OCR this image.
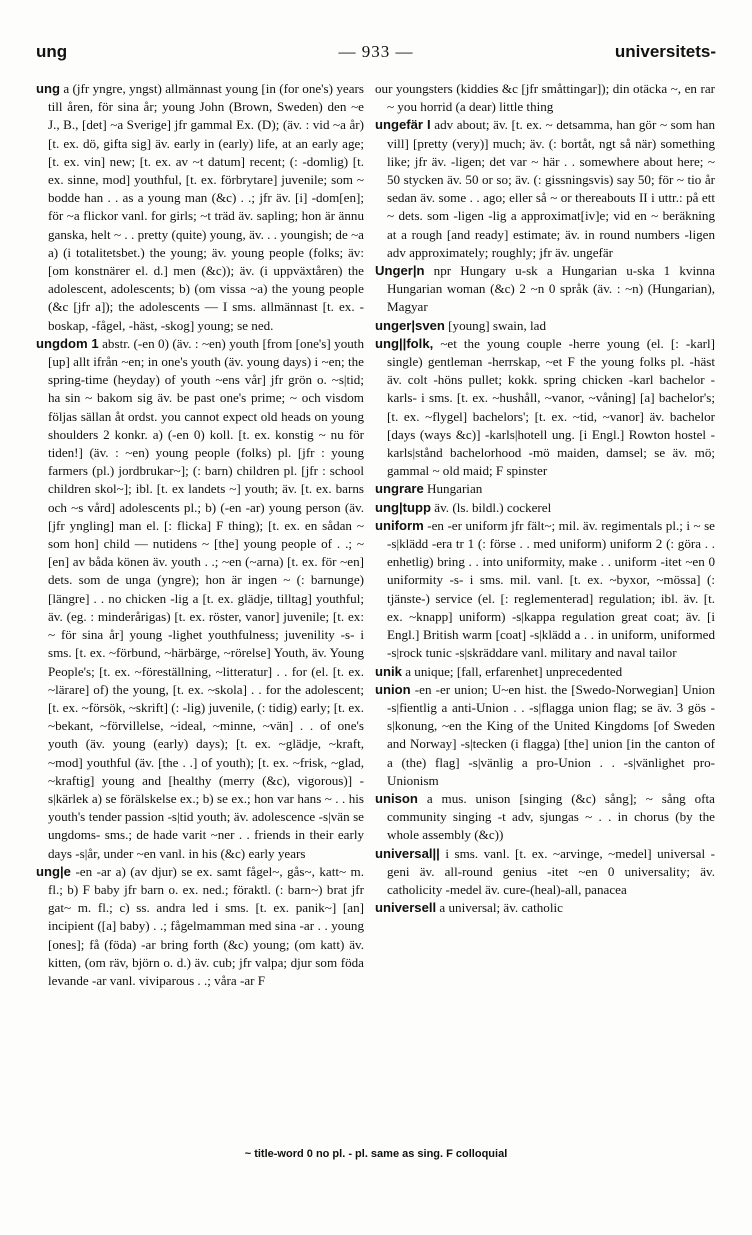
ung	— 933 —	universitets-

ung a (jfr yngre, yngst) allmännast young [in (for one's) years till åren, för sina år; young John (Brown, Sweden) den ~e J., B., [det] ~a Sverige] jfr gammal Ex. (D); (äv. : vid ~a år) [t. ex. dö, gifta sig] äv. early in (early) life, at an early age; [t. ex. vin] new; [t. ex. av ~t datum] recent; (: -domlig) [t. ex. sinne, mod] youthful, [t. ex. förbrytare] juvenile; som ~ bodde han . . as a young man (&c) . .; jfr äv. [i] -dom[en]; för ~a flickor vanl. for girls; ~t träd äv. sapling; hon är ännu ganska, helt ~ . . pretty (quite) young, äv. . . youngish; de ~a a) (i totalitetsbet.) the young; äv. young people (folks; äv: [om konstnärer el. d.] men (&c)); äv. (i uppväxtåren) the adolescent, adolescents; b) (om vissa ~a) the young people (&c [jfr a]); the adolescents — I sms. allmännast [t. ex. -boskap, -fågel, -häst, -skog] young; se ned.

ungdom 1 abstr. (-en 0) (äv. : ~en) youth [from [one's] youth [up] allt ifrån ~en; in one's youth (äv. young days) i ~en; the spring-time (heyday) of youth ~ens vår] jfr grön o. ~s|tid; ha sin ~ bakom sig äv. be past one's prime; ~ och visdom följas sällan åt ordst. you cannot expect old heads on young shoulders 2 konkr. a) (-en 0) koll. [t. ex. konstig ~ nu för tiden!] (äv. : ~en) young people (folks) pl. [jfr : young farmers (pl.) jordbrukar~]; (: barn) children pl. [jfr : school children skol~]; ibl. [t. ex landets ~] youth; äv. [t. ex. barns och ~s vård] adolescents pl.; b) (-en -ar) young person (äv. [jfr yngling] man el. [: flicka] F thing); [t. ex. en sådan ~ som hon] child — nutidens ~ [the] young people of . .; ~[en] av båda könen äv. youth . .; ~en (~arna) [t. ex. för ~en] dets. som de unga (yngre); hon är ingen ~ (: barnunge) [längre] . . no chicken -lig a [t. ex. glädje, tilltag] youthful; äv. (eg. : minderårigas) [t. ex. röster, vanor] juvenile; [t. ex: ~ för sina år] young -lighet youthfulness; juvenility -s- i sms. [t. ex. ~förbund, ~härbärge, ~rörelse] Youth, äv. Young People's; [t. ex. ~föreställning, ~litteratur] . . for (el. [t. ex. ~lärare] of) the young, [t. ex. ~skola] . . for the adolescent; [t. ex. ~försök, ~skrift] (: -lig) juvenile, (: tidig) early; [t. ex. ~bekant, ~förvillelse, ~ideal, ~minne, ~vän] . . of one's youth (äv. young (early) days); [t. ex. ~glädje, ~kraft, ~mod] youthful (äv. [the . .] of youth); [t. ex. ~frisk, ~glad, ~kraftig] young and [healthy (merry (&c), vigorous)] -s|kärlek a) se förälskelse ex.; b) se ex.; hon var hans ~ . . his youth's tender passion -s|tid youth; äv. adolescence -s|vän se ungdoms- sms.; de hade varit ~ner . . friends in their early days -s|år, under ~en vanl. in his (&c) early years

ung|e -en -ar a) (av djur) se ex. samt fågel~, gås~, katt~ m. fl.; b) F baby jfr barn o. ex. ned.; föraktl. (: barn~) brat jfr gat~ m. fl.; c) ss. andra led i sms. [t. ex. panik~] [an] incipient ([a] baby) . .; fågelmamman med sina -ar . . young [ones]; få (föda) -ar bring forth (&c) young; (om katt) äv. kitten, (om räv, björn o. d.) äv. cub; jfr valpa; djur som föda levande -ar vanl. viviparous . .; våra -ar F

our youngsters (kiddies &c [jfr småttingar]); din otäcka ~, en rar ~ you horrid (a dear) little thing

ungefär I adv about; äv. [t. ex. ~ detsamma, han gör ~ som han vill] [pretty (very)] much; äv. (: bortåt, ngt så när) something like; jfr äv. -ligen; det var ~ här . . somewhere about here; ~ 50 stycken äv. 50 or so; äv. (: gissningsvis) say 50; för ~ tio år sedan äv. some . . ago; eller så ~ or thereabouts II i uttr.: på ett ~ dets. som -ligen -lig a approximat[iv]e; vid en ~ beräkning at a rough [and ready] estimate; äv. in round numbers -ligen adv approximately; roughly; jfr äv. ungefär

Unger|n npr Hungary u-sk a Hungarian u-ska 1 kvinna Hungarian woman (&c) 2 ~n 0 språk (äv. : ~n) (Hungarian), Magyar

unger|sven [young] swain, lad

ung||folk, ~et the young couple -herre young (el. [: -karl] single) gentleman -herrskap, ~et F the young folks pl. -häst äv. colt -höns pullet; kokk. spring chicken -karl bachelor -karls- i sms. [t. ex. ~hushåll, ~vanor, ~våning] [a] bachelor's; [t. ex. ~flygel] bachelors'; [t. ex. ~tid, ~vanor] äv. bachelor [days (ways &c)] -karls|hotell ung. [i Engl.] Rowton hostel -karls|stånd bachelorhood -mö maiden, damsel; se äv. mö; gammal ~ old maid; F spinster

ungrare Hungarian

ung|tupp äv. (ls. bildl.) cockerel

uniform -en -er uniform jfr fält~; mil. äv. regimentals pl.; i ~ se -s|klädd -era tr 1 (: förse . . med uniform) uniform 2 (: göra . . enhetlig) bring . . into uniformity, make . . uniform -itet ~en 0 uniformity -s- i sms. mil. vanl. [t. ex. ~byxor, ~mössa] (: tjänste-) service (el. [: reglementerad] regulation; ibl. äv. [t. ex. ~knapp] uniform) -s|kappa regulation great coat; äv. [i Engl.] British warm [coat] -s|klädd a . . in uniform, uniformed -s|rock tunic -s|skräddare vanl. military and naval tailor

unik a unique; [fall, erfarenhet] unprecedented

union -en -er union; U~en hist. the [Swedo-Norwegian] Union -s|fientlig a anti-Union . . -s|flagga union flag; se äv. 3 gös -s|konung, ~en the King of the United Kingdoms [of Sweden and Norway] -s|tecken (i flagga) [the] union [in the canton of a (the) flag] -s|vänlig a pro-Union . . -s|vänlighet pro-Unionism

unison a mus. unison [singing (&c) sång]; ~ sång ofta community singing -t adv, sjungas ~ . . in chorus (by the whole assembly (&c))

universal|| i sms. vanl. [t. ex. ~arvinge, ~medel] universal -geni äv. all-round genius -itet ~en 0 universality; äv. catholicity -medel äv. cure-(heal)-all, panacea

universell a universal; äv. catholic

~ title-word 0 no pl. - pl. same as sing. F colloquial
